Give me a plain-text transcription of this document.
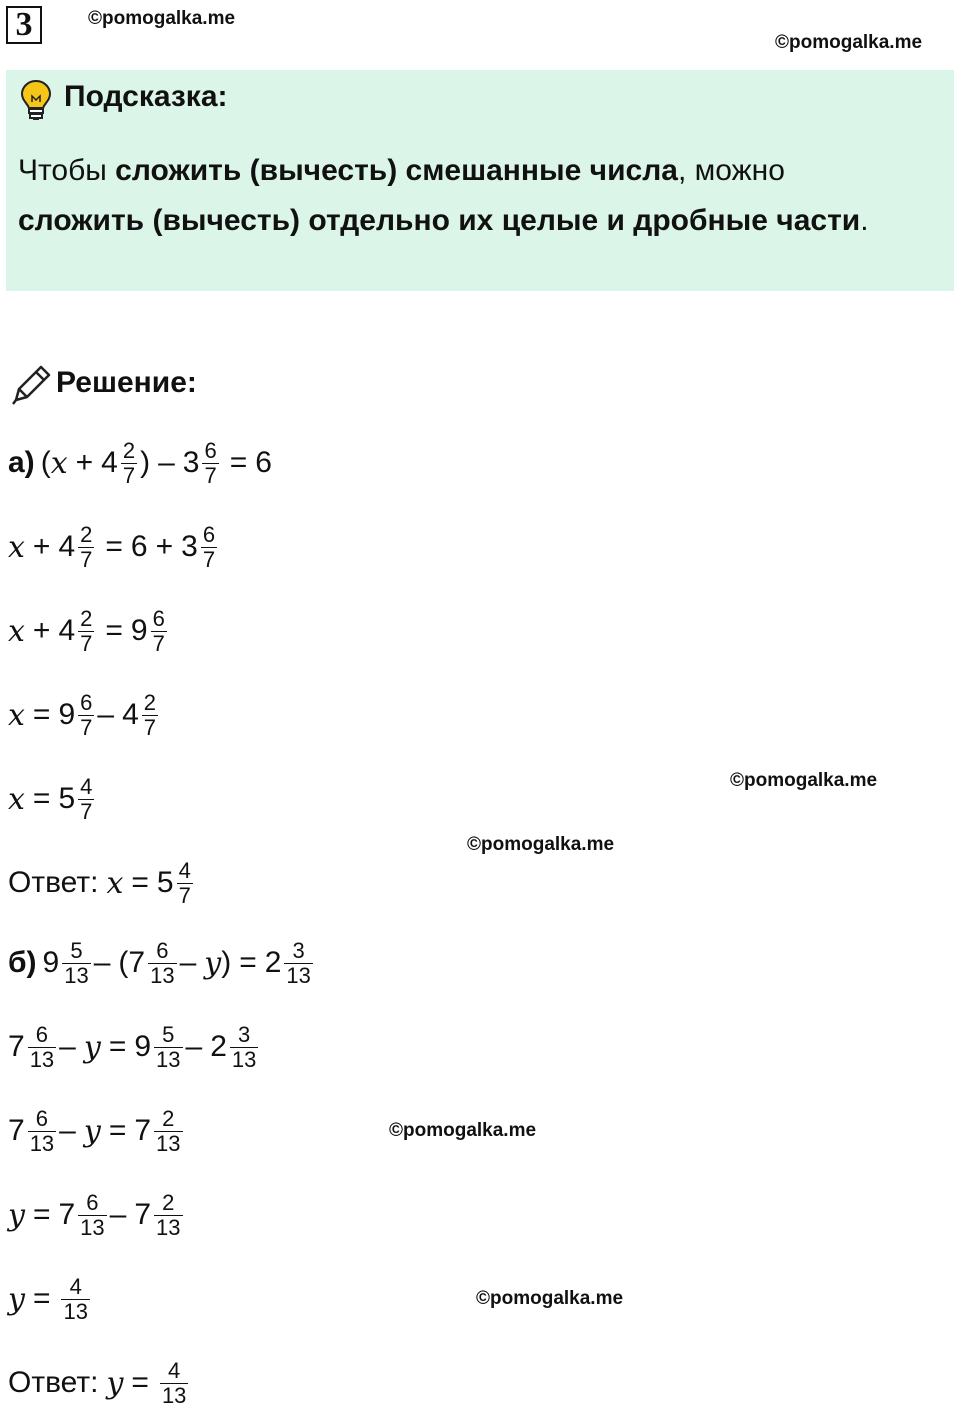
3	©pomogalka.me
©pomogalka.me
Подсказка:
Чтобы сложить (вычесть) смешанные числа, можно
сложить (вычесть) отдельно их целые и дробные части.
Решение:
а) ( $x + 4 \frac{2}{7}$ ) – $3 \frac{6}{7} = 6$
$x + 4 \frac{2}{7} = 6 + 3 \frac{6}{7}$
$x + 4 \frac{2}{7} = 9 \frac{6}{7}$
$x = 9 \frac{6}{7} - 4 \frac{2}{7}$
$x = 5 \frac{4}{7}$	©pomogalka.me
©pomogalka.me
Ответ: $x = 5 \frac{4}{7}$
б) $9 \frac{5}{13}$ – ( $7 \frac{6}{13}$ – y ) = $2 \frac{3}{13}$
$7 \frac{6}{13} - y = 9 \frac{5}{13} - 2 \frac{3}{13}$
$7 \frac{6}{13} - y = 7 \frac{2}{13}$	©pomogalka.me
$y = 7 \frac{6}{13} - 7 \frac{2}{13}$
$y = \frac{4}{13}$	©pomogalka.me
Ответ: $y = \frac{4}{13}$
